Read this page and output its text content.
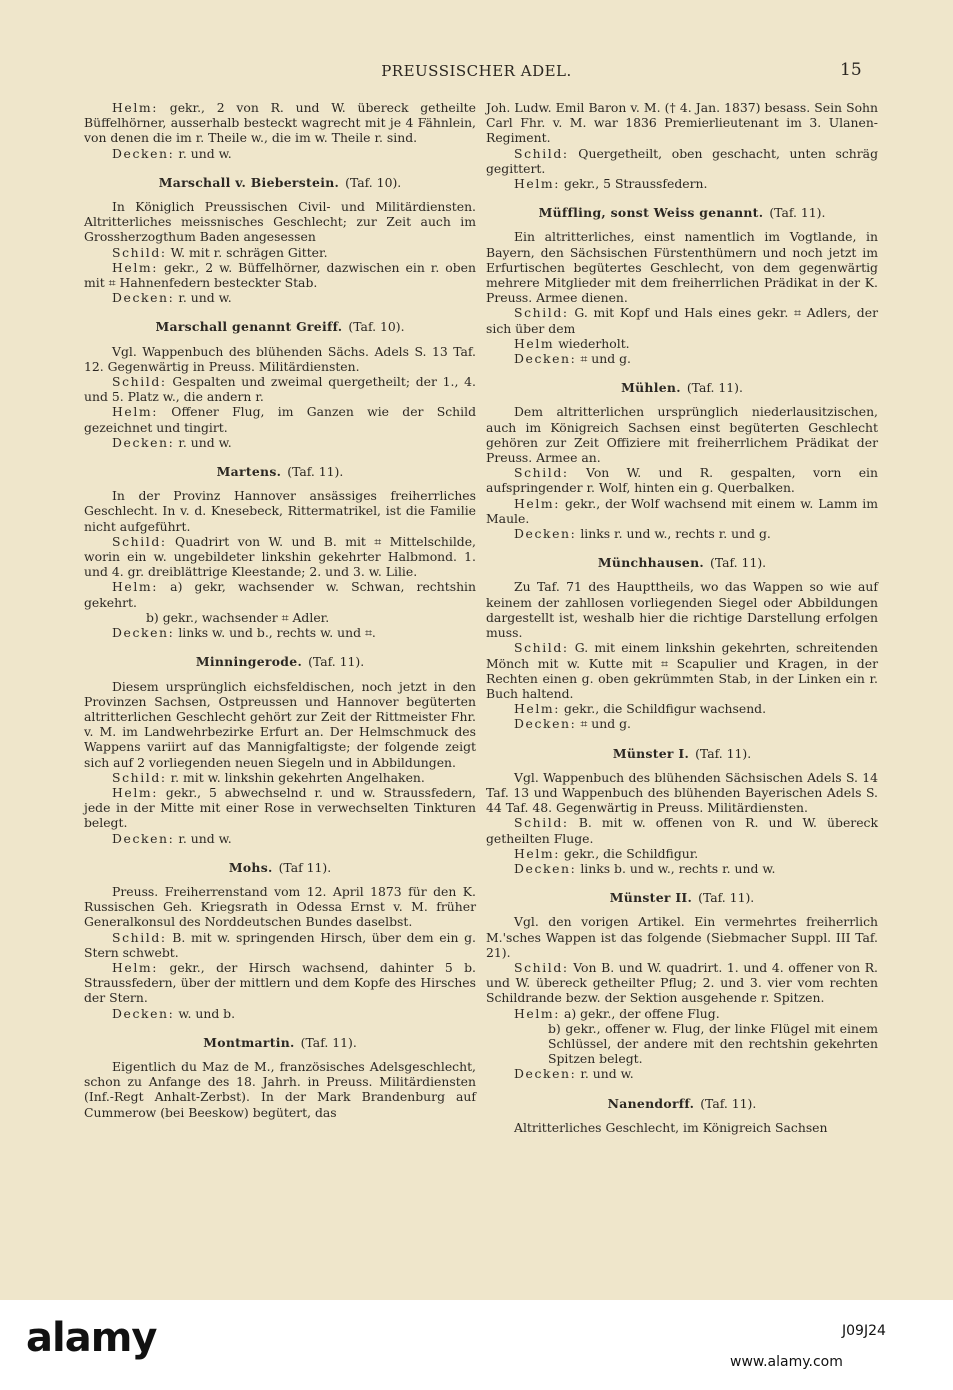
PREUSSISCHER ADEL.	15

Helm: gekr., 2 von R. und W. übereck getheilte Büffelhörner, ausserhalb besteckt wagrecht mit je 4 Fähnlein, von denen die im r. Theile w., die im w. Theile r. sind.

Decken: r. und w.

Marschall v. Bieberstein. (Taf. 10).

In Königlich Preussischen Civil- und Militärdiensten. Altritterliches meissnisches Geschlecht; zur Zeit auch im Grossherzogthum Baden angesessen

Schild: W. mit r. schrägen Gitter.

Helm: gekr., 2 w. Büffelhörner, dazwischen ein r. oben mit ⌗ Hahnenfedern besteckter Stab.

Decken: r. und w.

Marschall genannt Greiff. (Taf. 10).

Vgl. Wappenbuch des blühenden Sächs. Adels S. 13 Taf. 12. Gegenwärtig in Preuss. Militärdiensten.

Schild: Gespalten und zweimal quergetheilt; der 1., 4. und 5. Platz w., die andern r.

Helm: Offener Flug, im Ganzen wie der Schild gezeichnet und tingirt.

Decken: r. und w.

Martens. (Taf. 11).

In der Provinz Hannover ansässiges freiherrliches Geschlecht. In v. d. Knesebeck, Rittermatrikel, ist die Familie nicht aufgeführt.

Schild: Quadrirt von W. und B. mit ⌗ Mittelschilde, worin ein w. ungebildeter linkshin gekehrter Halbmond. 1. und 4. gr. dreiblättrige Kleestande; 2. und 3. w. Lilie.

Helm: a) gekr, wachsender w. Schwan, rechtshin gekehrt.

b) gekr., wachsender ⌗ Adler.

Decken: links w. und b., rechts w. und ⌗.

Minningerode. (Taf. 11).

Diesem ursprünglich eichsfeldischen, noch jetzt in den Provinzen Sachsen, Ostpreussen und Hannover begüterten altritterlichen Geschlecht gehört zur Zeit der Rittmeister Fhr. v. M. im Landwehrbezirke Erfurt an. Der Helmschmuck des Wappens variirt auf das Mannigfaltigste; der folgende zeigt sich auf 2 vorliegenden neuen Siegeln und in Abbildungen.

Schild: r. mit w. linkshin gekehrten Angelhaken.

Helm: gekr., 5 abwechselnd r. und w. Straussfedern, jede in der Mitte mit einer Rose in verwechselten Tinkturen belegt.

Decken: r. und w.

Mohs. (Taf 11).

Preuss. Freiherrenstand vom 12. April 1873 für den K. Russischen Geh. Kriegsrath in Odessa Ernst v. M. früher Generalkonsul des Norddeutschen Bundes daselbst.

Schild: B. mit w. springenden Hirsch, über dem ein g. Stern schwebt.

Helm: gekr., der Hirsch wachsend, dahinter 5 b. Straussfedern, über der mittlern und dem Kopfe des Hirsches der Stern.

Decken: w. und b.

Montmartin. (Taf. 11).

Eigentlich du Maz de M., französisches Adelsgeschlecht, schon zu Anfange des 18. Jahrh. in Preuss. Militärdiensten (Inf.-Regt Anhalt-Zerbst). In der Mark Brandenburg auf Cummerow (bei Beeskow) begütert, das

Joh. Ludw. Emil Baron v. M. († 4. Jan. 1837) besass. Sein Sohn Carl Fhr. v. M. war 1836 Premierlieutenant im 3. Ulanen-Regiment.

Schild: Quergetheilt, oben geschacht, unten schräg gegittert.

Helm: gekr., 5 Straussfedern.

Müffling, sonst Weiss genannt. (Taf. 11).

Ein altritterliches, einst namentlich im Vogtlande, in Bayern, den Sächsischen Fürstenthümern und noch jetzt im Erfurtischen begütertes Geschlecht, von dem gegenwärtig mehrere Mitglieder mit dem freiherrlichen Prädikat in der K. Preuss. Armee dienen.

Schild: G. mit Kopf und Hals eines gekr. ⌗ Adlers, der sich über dem

Helm wiederholt.

Decken: ⌗ und g.

Mühlen. (Taf. 11).

Dem altritterlichen ursprünglich niederlausitzischen, auch im Königreich Sachsen einst begüterten Geschlecht gehören zur Zeit Offiziere mit freiherrlichem Prädikat der Preuss. Armee an.

Schild: Von W. und R. gespalten, vorn ein aufspringender r. Wolf, hinten ein g. Querbalken.

Helm: gekr., der Wolf wachsend mit einem w. Lamm im Maule.

Decken: links r. und w., rechts r. und g.

Münchhausen. (Taf. 11).

Zu Taf. 71 des Haupttheils, wo das Wappen so wie auf keinem der zahllosen vorliegenden Siegel oder Abbildungen dargestellt ist, weshalb hier die richtige Darstellung erfolgen muss.

Schild: G. mit einem linkshin gekehrten, schreitenden Mönch mit w. Kutte mit ⌗ Scapulier und Kragen, in der Rechten einen g. oben gekrümmten Stab, in der Linken ein r. Buch haltend.

Helm: gekr., die Schildfigur wachsend.

Decken: ⌗ und g.

Münster I. (Taf. 11).

Vgl. Wappenbuch des blühenden Sächsischen Adels S. 14 Taf. 13 und Wappenbuch des blühenden Bayerischen Adels S. 44 Taf. 48. Gegenwärtig in Preuss. Militärdiensten.

Schild: B. mit w. offenen von R. und W. übereck getheilten Fluge.

Helm: gekr., die Schildfigur.

Decken: links b. und w., rechts r. und w.

Münster II. (Taf. 11).

Vgl. den vorigen Artikel. Ein vermehrtes freiherrlich M.'sches Wappen ist das folgende (Siebmacher Suppl. III Taf. 21).

Schild: Von B. und W. quadrirt. 1. und 4. offener von R. und W. übereck getheilter Pflug; 2. und 3. vier vom rechten Schildrande bezw. der Sektion ausgehende r. Spitzen.

Helm: a) gekr., der offene Flug.

b) gekr., offener w. Flug, der linke Flügel mit einem Schlüssel, der andere mit den rechtshin gekehrten Spitzen belegt.

Decken: r. und w.

Nanendorff. (Taf. 11).

Altritterliches Geschlecht, im Königreich Sachsen

alamy	J09J24
www.alamy.com
